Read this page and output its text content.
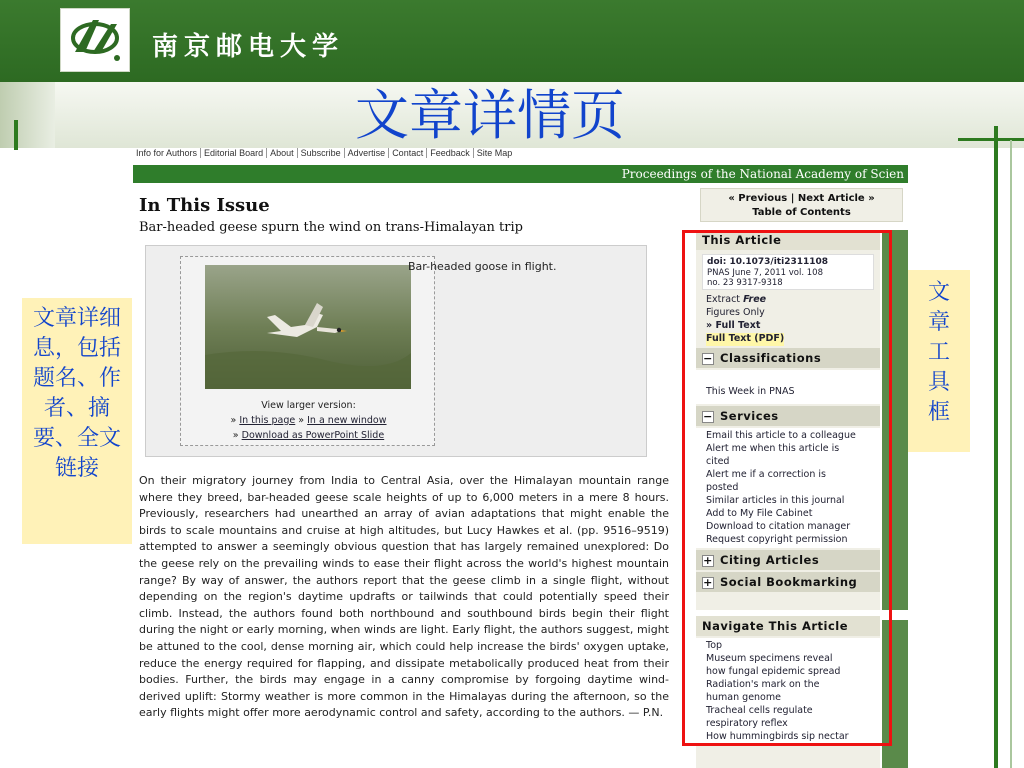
南京邮电大学
文章详情页
Info for Authors Editorial Board About Subscribe Advertise Contact Feedback Site Map
Proceedings of the National Academy of Scien
In This Issue
Bar-headed geese spurn the wind on trans-Himalayan trip
View larger version:
» In this page » In a new window
» Download as PowerPoint Slide
Bar-headed goose in flight.
On their migratory journey from India to Central Asia, over the Himalayan mountain range where they breed, bar-headed geese scale heights of up to 6,000 meters in a mere 8 hours. Previously, researchers had unearthed an array of avian adaptations that might enable the birds to scale mountains and cruise at high altitudes, but Lucy Hawkes et al. (pp. 9516–9519) attempted to answer a seemingly obvious question that has largely remained unexplored: Do the geese rely on the prevailing winds to ease their flight across the world's highest mountain range? By way of answer, the authors report that the geese climb in a single flight, without depending on the region's daytime updrafts or tailwinds that could potentially speed their climb. Instead, the authors found both northbound and southbound birds begin their flight during the night or early morning, when winds are light. Early flight, the authors suggest, might be attuned to the cool, dense morning air, which could help increase the birds' oxygen uptake, reduce the energy required for flapping, and dissipate metabolically produced heat from their bodies. Further, the birds may engage in a canny compromise by forgoing daytime wind-derived uplift: Stormy weather is more common in the Himalayas during the afternoon, so the early flights might offer more aerodynamic control and safety, according to the authors. — P.N.
« Previous | Next Article »
Table of Contents
This Article
doi: 10.1073/iti2311108
PNAS June 7, 2011 vol. 108
no. 23 9317-9318
Extract Free
Figures Only
» Full Text
Full Text (PDF)
− Classifications
This Week in PNAS
− Services
Email this article to a colleague
Alert me when this article is
cited
Alert me if a correction is
posted
Similar articles in this journal
Add to My File Cabinet
Download to citation manager
Request copyright permission
+ Citing Articles
+ Social Bookmarking
Navigate This Article
Top
Museum specimens reveal
how fungal epidemic spread
Radiation's mark on the
human genome
Tracheal cells regulate
respiratory reflex
How hummingbirds sip nectar
文章详细息，包括题名、作者、摘要、全文链接
文章工具框
